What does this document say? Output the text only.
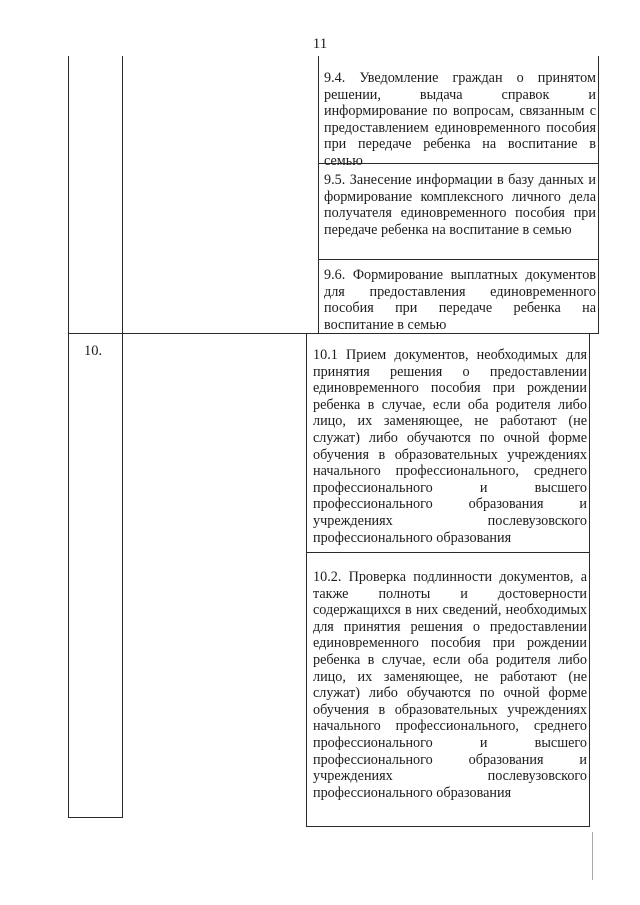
11
10.
9.4. Уведомление граждан о принятом решении, выдача справок и информирование по вопросам, связанным с предоставлением единовременного пособия при передаче ребенка на воспитание в семью
9.5. Занесение информации в базу данных и формирование комплексного личного дела получателя единовременного пособия при передаче ребенка на воспитание в семью
9.6. Формирование выплатных документов для предоставления единовременного пособия при передаче ребенка на воспитание в семью
10.1 Прием документов, необходимых для принятия решения о предоставлении единовременного пособия при рождении ребенка в случае, если оба родителя либо лицо, их заменяющее, не работают (не служат) либо обучаются по очной форме обучения в образовательных учреждениях начального профессионального, среднего профессионального и высшего профессионального образования и учреждениях послевузовского профессионального образования
10.2. Проверка подлинности документов, а также полноты и достоверности содержащихся в них сведений, необходимых для принятия решения о предоставлении единовременного пособия при рождении ребенка в случае, если оба родителя либо лицо, их заменяющее, не работают (не служат) либо обучаются по очной форме обучения в образовательных учреждениях начального профессионального, среднего профессионального и высшего профессионального образования и учреждениях послевузовского профессионального образования
